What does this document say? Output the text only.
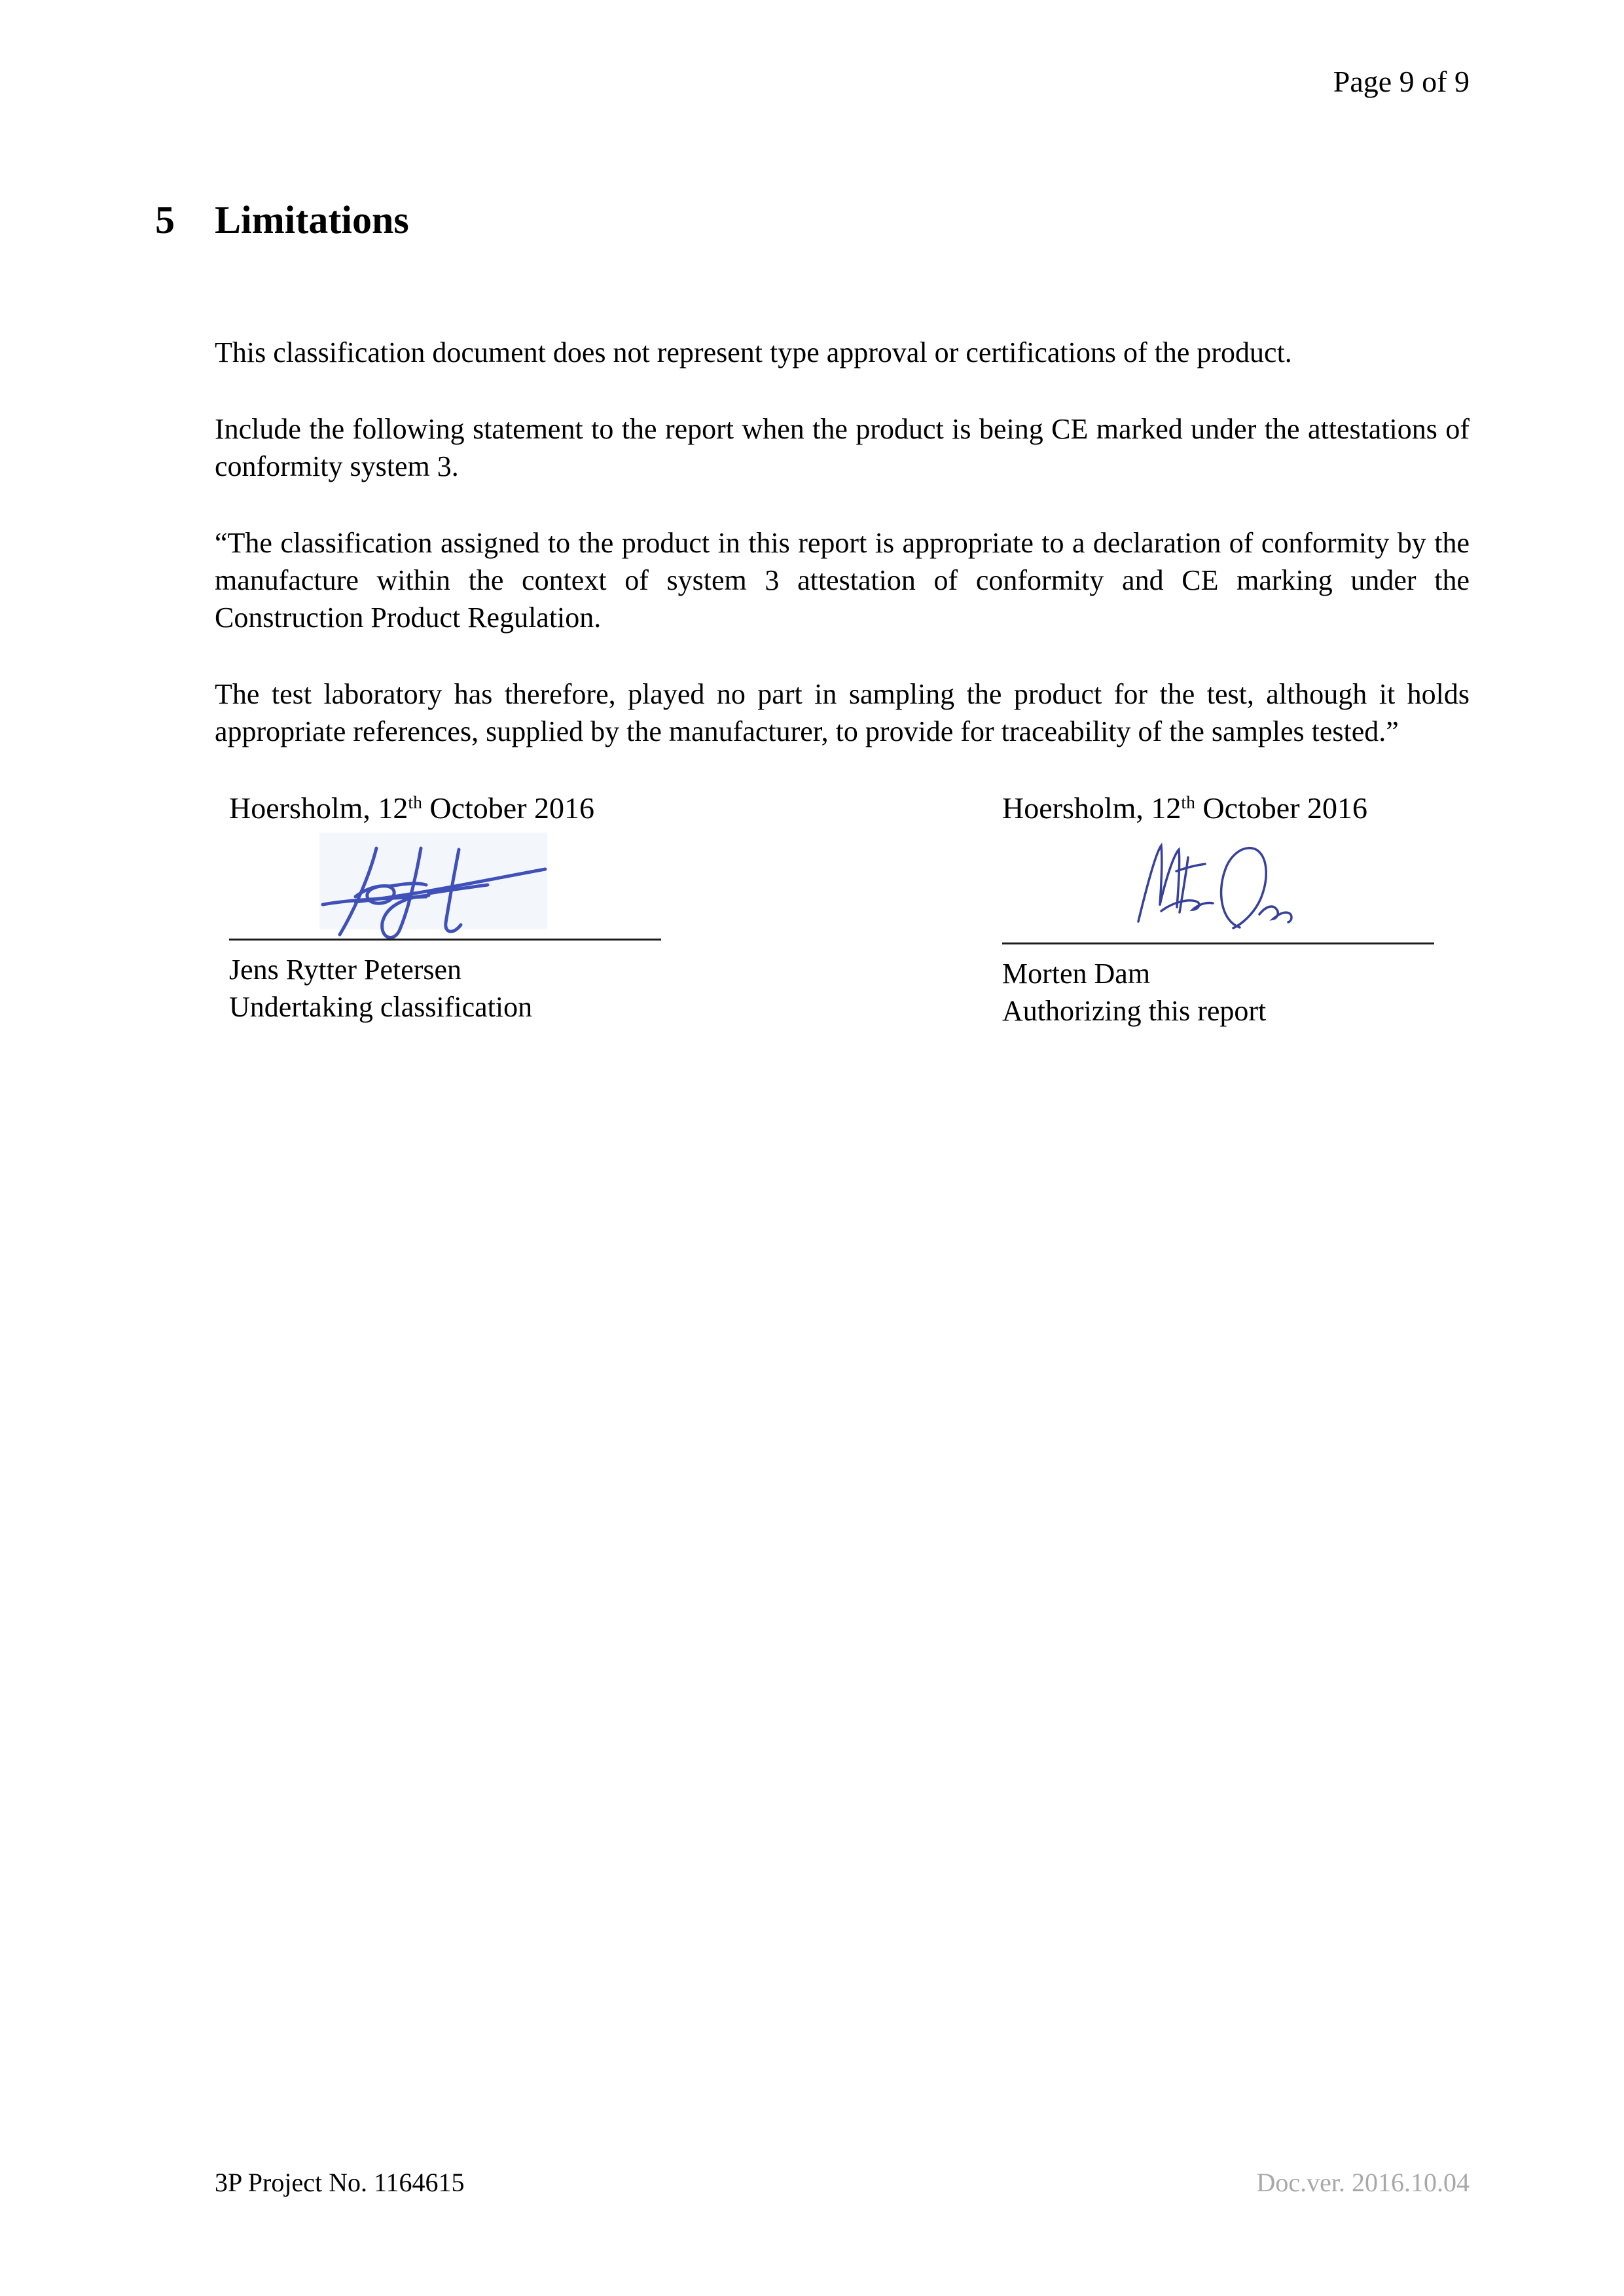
Page 9 of 9
5	Limitations

This classification document does not represent type approval or certifications of the product.

Include the following statement to the report when the product is being CE marked under the attestations of conformity system 3.

“The classification assigned to the product in this report is appropriate to a declaration of conformity by the manufacture within the context of system 3 attestation of conformity and CE marking under the Construction Product Regulation.

The test laboratory has therefore, played no part in sampling the product for the test, although it holds appropriate references, supplied by the manufacturer, to provide for traceability of the samples tested.”

Hoersholm, 12th October 2016
Jens Rytter Petersen
Undertaking classification
Hoersholm, 12th October 2016
Morten Dam
Authorizing this report
3P Project No. 1164615	Doc.ver. 2016.10.04
